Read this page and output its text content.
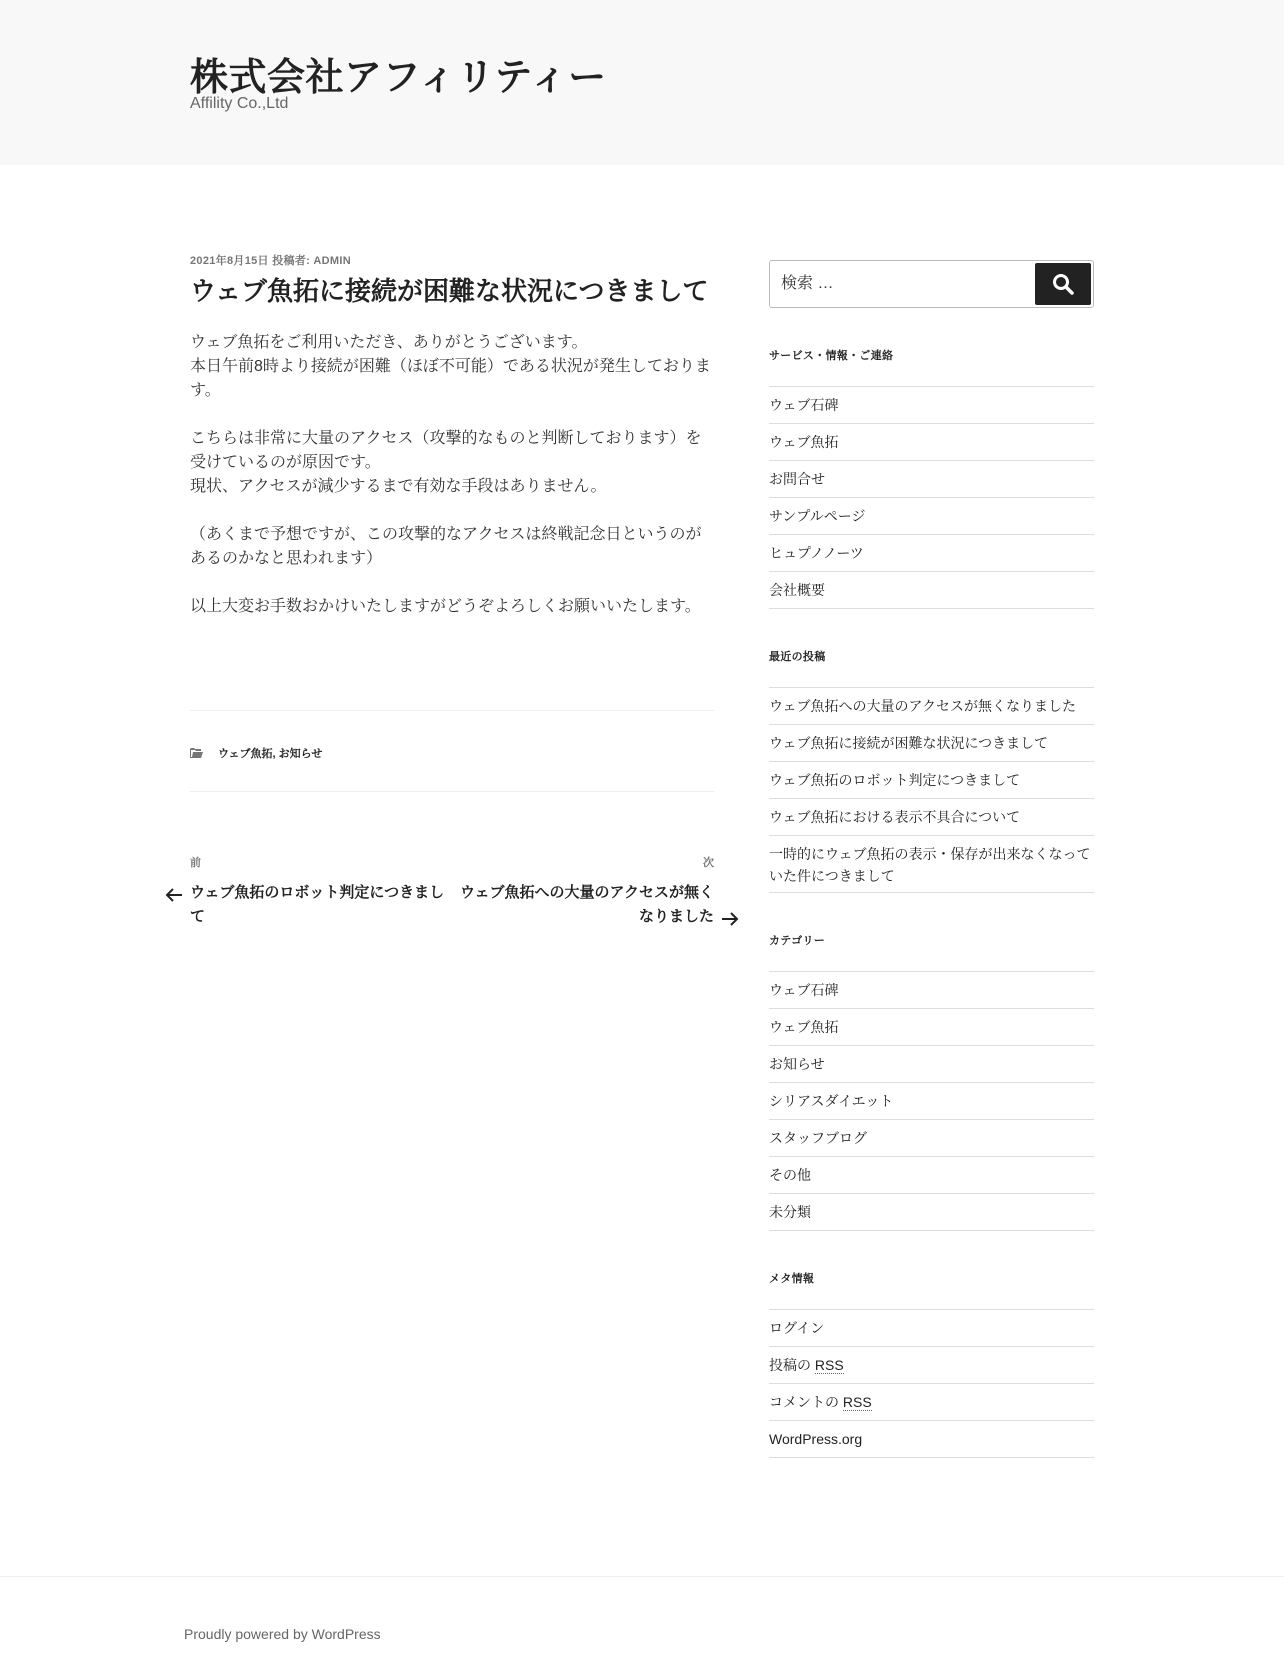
株式会社アフィリティー
Affility Co.,Ltd
2021年8月15日 投稿者: ADMIN
ウェブ魚拓に接続が困難な状況につきまして

ウェブ魚拓をご利用いただき、ありがとうございます。
本日午前8時より接続が困難（ほぼ不可能）である状況が発生しております。

こちらは非常に大量のアクセス（攻撃的なものと判断しております）を受けているのが原因です。
現状、アクセスが減少するまで有効な手段はありません。

（あくまで予想ですが、この攻撃的なアクセスは終戦記念日というのがあるのかなと思われます）

以上大変お手数おかけいたしますがどうぞよろしくお願いいたします。

ウェブ魚拓, お知らせ
前
ウェブ魚拓のロボット判定につきまして
次
ウェブ魚拓への大量のアクセスが無くなりました
検索 …
サービス・情報・ご連絡
ウェブ石碑
ウェブ魚拓
お問合せ
サンプルページ
ヒュプノノーツ
会社概要
最近の投稿
ウェブ魚拓への大量のアクセスが無くなりました
ウェブ魚拓に接続が困難な状況につきまして
ウェブ魚拓のロボット判定につきまして
ウェブ魚拓における表示不具合について
一時的にウェブ魚拓の表示・保存が出来なくなっていた件につきまして
カテゴリー
ウェブ石碑
ウェブ魚拓
お知らせ
シリアスダイエット
スタッフブログ
その他
未分類
メタ情報
ログイン
投稿の RSS
コメントの RSS
WordPress.org
Proudly powered by WordPress
